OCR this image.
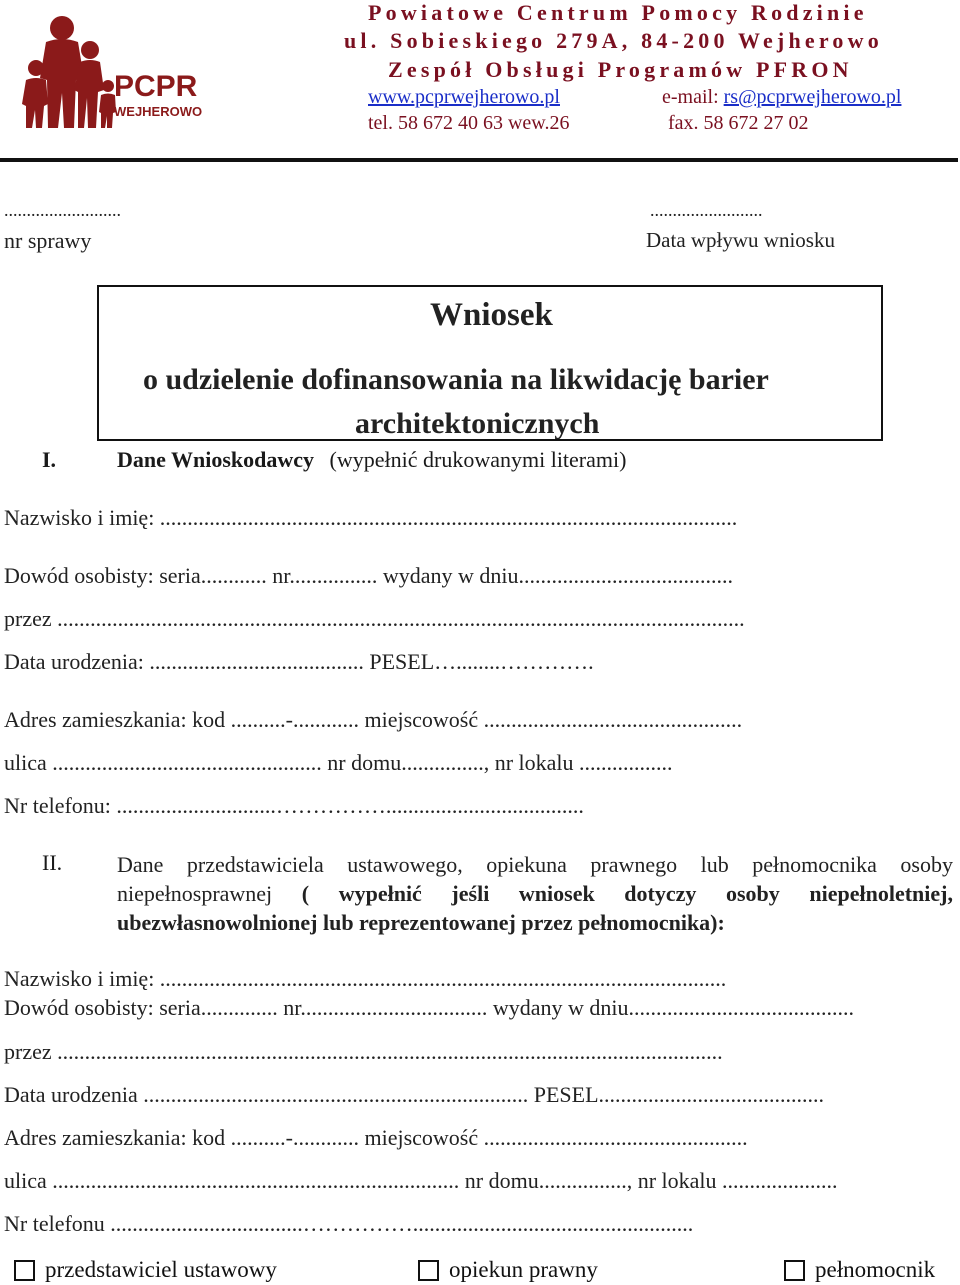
PCPR
WEJHEROWO
Powiatowe Centrum Pomocy Rodzinie
ul. Sobieskiego 279A, 84-200 Wejherowo
Zespół Obsługi Programów PFRON
www.pcprwejherowo.pl	e-mail: rs@pcprwejherowo.pl
tel. 58 672 40 63 wew.26	fax. 58 672 27 02
..........................
nr sprawy
.........................
Data wpływu wniosku
Wniosek
o udzielenie dofinansowania na likwidację barier
architektonicznych
I.	Dane Wnioskodawcy (wypełnić drukowanymi literami)
Nazwisko i imię: .........................................................................................................
Dowód osobisty: seria............ nr................ wydany w dniu.......................................
przez .............................................................................................................................
Data urodzenia: ....................................... PESEL…........………….
Adres zamieszkania: kod ..........-............ miejscowość ...............................................
ulica ................................................. nr domu..............., nr lokalu .................
Nr telefonu: .............................……………....................................
II. Dane przedstawiciela ustawowego, opiekuna prawnego lub pełnomocnika osoby niepełnosprawnej ( wypełnić jeśli wniosek dotyczy osoby niepełnoletniej, ubezwłasnowolnionej lub reprezentowanej przez pełnomocnika):
Nazwisko i imię: .......................................................................................................
Dowód osobisty: seria.............. nr.................................. wydany w dniu.........................................
przez .........................................................................................................................
Data urodzenia ...................................................................... PESEL.........................................
Adres zamieszkania: kod ..........-............ miejscowość ................................................
ulica .......................................................................... nr domu................, nr lokalu .....................
Nr telefonu ...................................……………...................................................
przedstawiciel ustawowy	opiekun prawny	pełnomocnik
